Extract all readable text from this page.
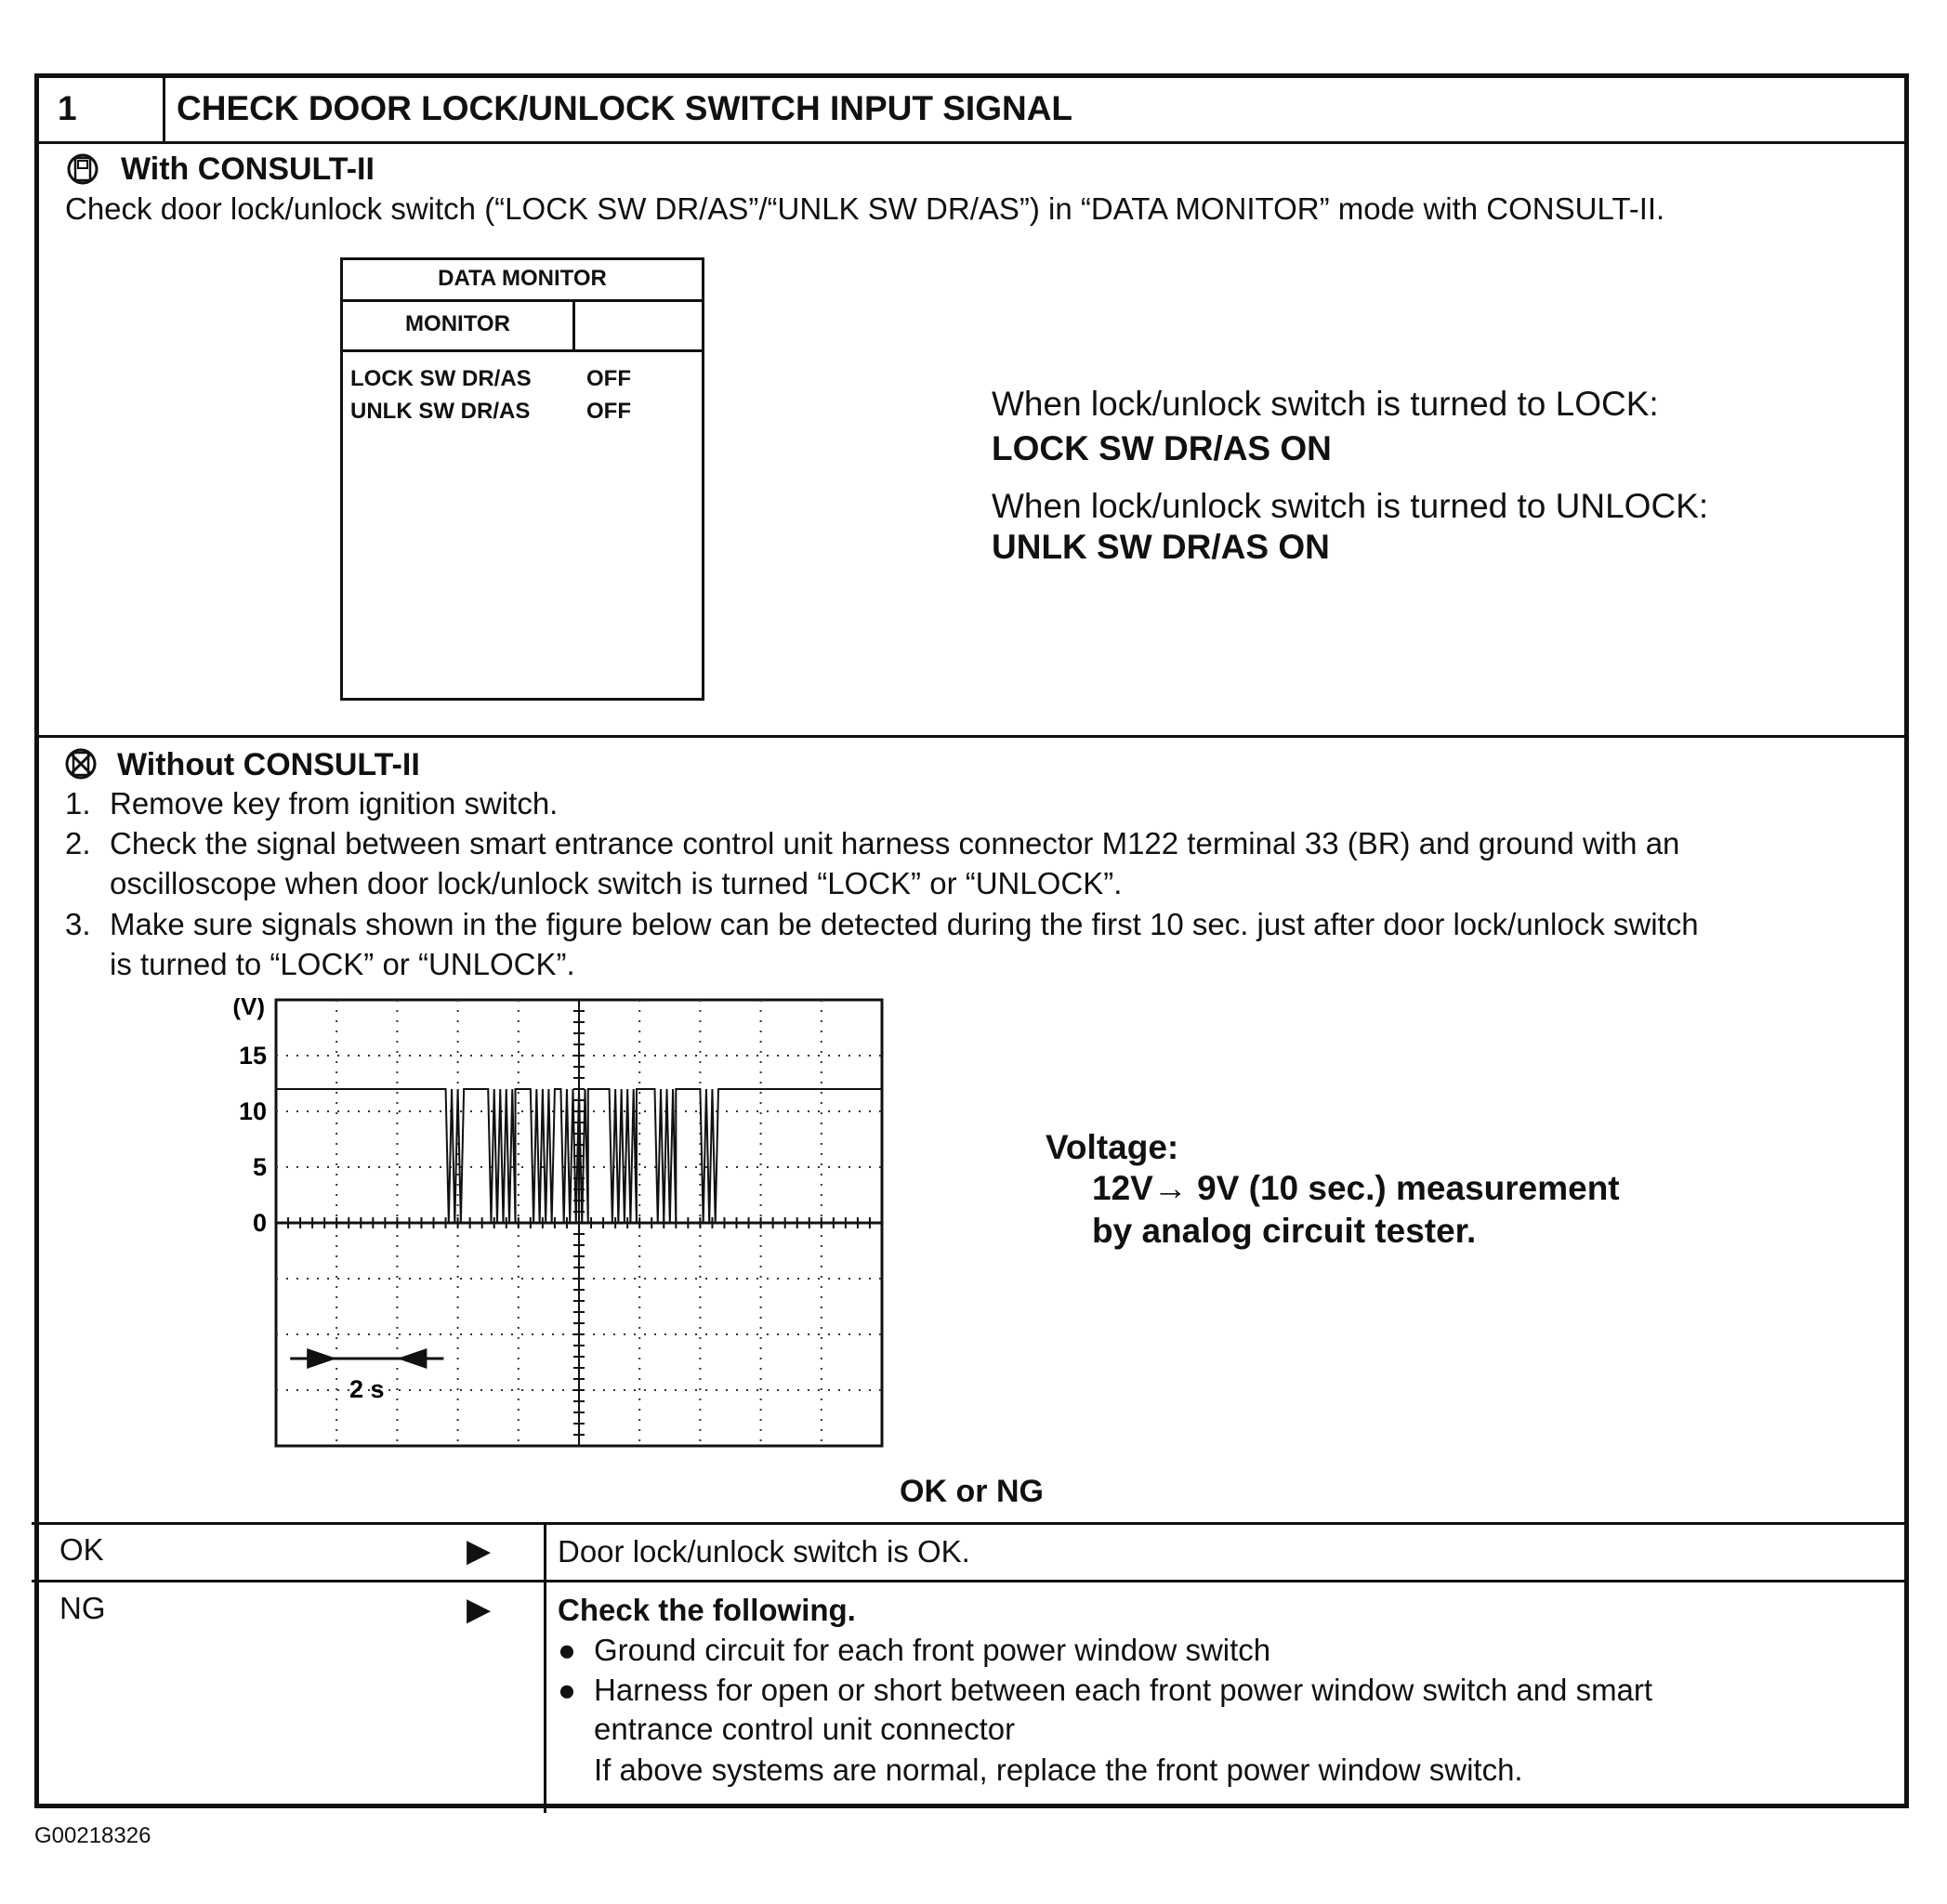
1	CHECK DOOR LOCK/UNLOCK SWITCH INPUT SIGNAL
With CONSULT-II
Check door lock/unlock switch (“LOCK SW DR/AS”/“UNLK SW DR/AS”) in “DATA MONITOR” mode with CONSULT-II.
DATA MONITOR
MONITOR
LOCK SW DR/AS OFF
UNLK SW DR/AS	OFF	When lock/unlock switch is turned to LOCK:
LOCK SW DR/AS ON
When lock/unlock switch is turned to UNLOCK:
UNLK SW DR/AS ON
Without CONSULT-II
1. Remove key from ignition switch.
2. Check the signal between smart entrance control unit harness connector M122 terminal 33 (BR) and ground with an
oscilloscope when door lock/unlock switch is turned “LOCK” or “UNLOCK”.
3. Make sure signals shown in the figure below can be detected during the first 10 sec. just after door lock/unlock switch
is turned to “LOCK” or “UNLOCK”.
(V)
15
10
5
0
2 s
Voltage:
12V→ 9V (10 sec.) measurement
by analog circuit tester.
OK or NG
OK	▶ Door lock/unlock switch is OK.
NG	▶ Check the following.
● Ground circuit for each front power window switch
● Harness for open or short between each front power window switch and smart
entrance control unit connector
If above systems are normal, replace the front power window switch.
G00218326
